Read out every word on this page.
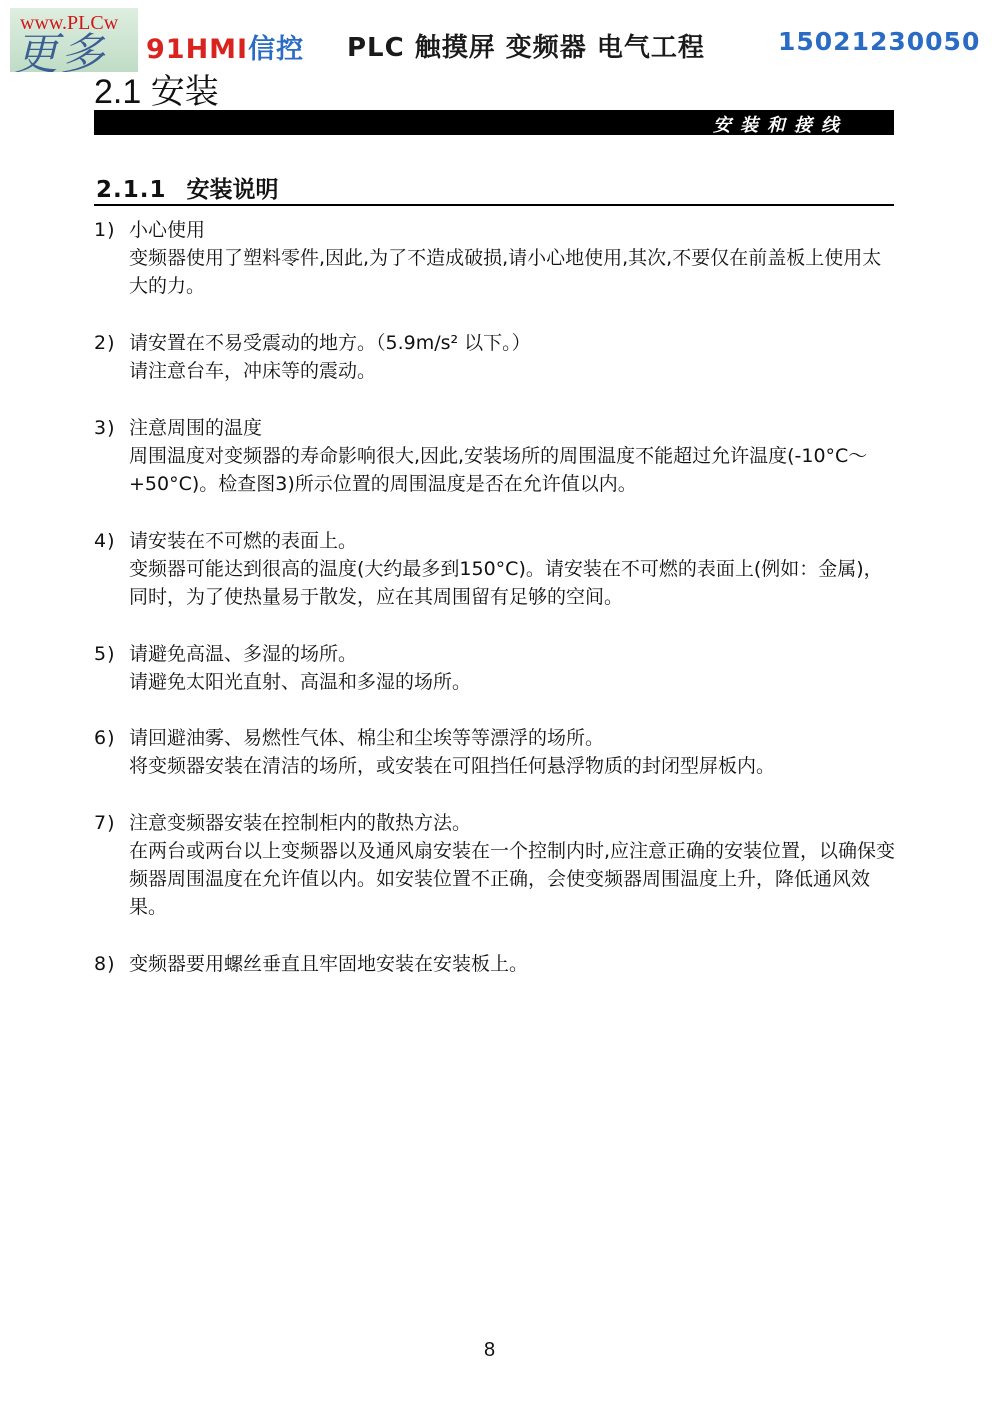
更多
www.PLCw
91HMI信控 PLC 触摸屏 变频器 电气工程	15021230050
2.1 安装
安装和接线
2.1.1 安装说明
1) 小心使用
变频器使用了塑料零件,因此,为了不造成破损,请小心地使用,其次,不要仅在前盖板上使用太大的力。
2) 请安置在不易受震动的地方。（5.9m/s² 以下。）
请注意台车，冲床等的震动。
3) 注意周围的温度
周围温度对变频器的寿命影响很大,因此,安装场所的周围温度不能超过允许温度(-10°C～+50°C)。检查图3)所示位置的周围温度是否在允许值以内。
4) 请安装在不可燃的表面上。
变频器可能达到很高的温度(大约最多到150°C)。请安装在不可燃的表面上(例如：金属)，同时，为了使热量易于散发，应在其周围留有足够的空间。
5) 请避免高温、多湿的场所。
请避免太阳光直射、高温和多湿的场所。
6) 请回避油雾、易燃性气体、棉尘和尘埃等等漂浮的场所。
将变频器安装在清洁的场所，或安装在可阻挡任何悬浮物质的封闭型屏板内。
7) 注意变频器安装在控制柜内的散热方法。
在两台或两台以上变频器以及通风扇安装在一个控制内时,应注意正确的安装位置，以确保变频器周围温度在允许值以内。如安装位置不正确，会使变频器周围温度上升，降低通风效果。
8) 变频器要用螺丝垂直且牢固地安装在安装板上。
8
